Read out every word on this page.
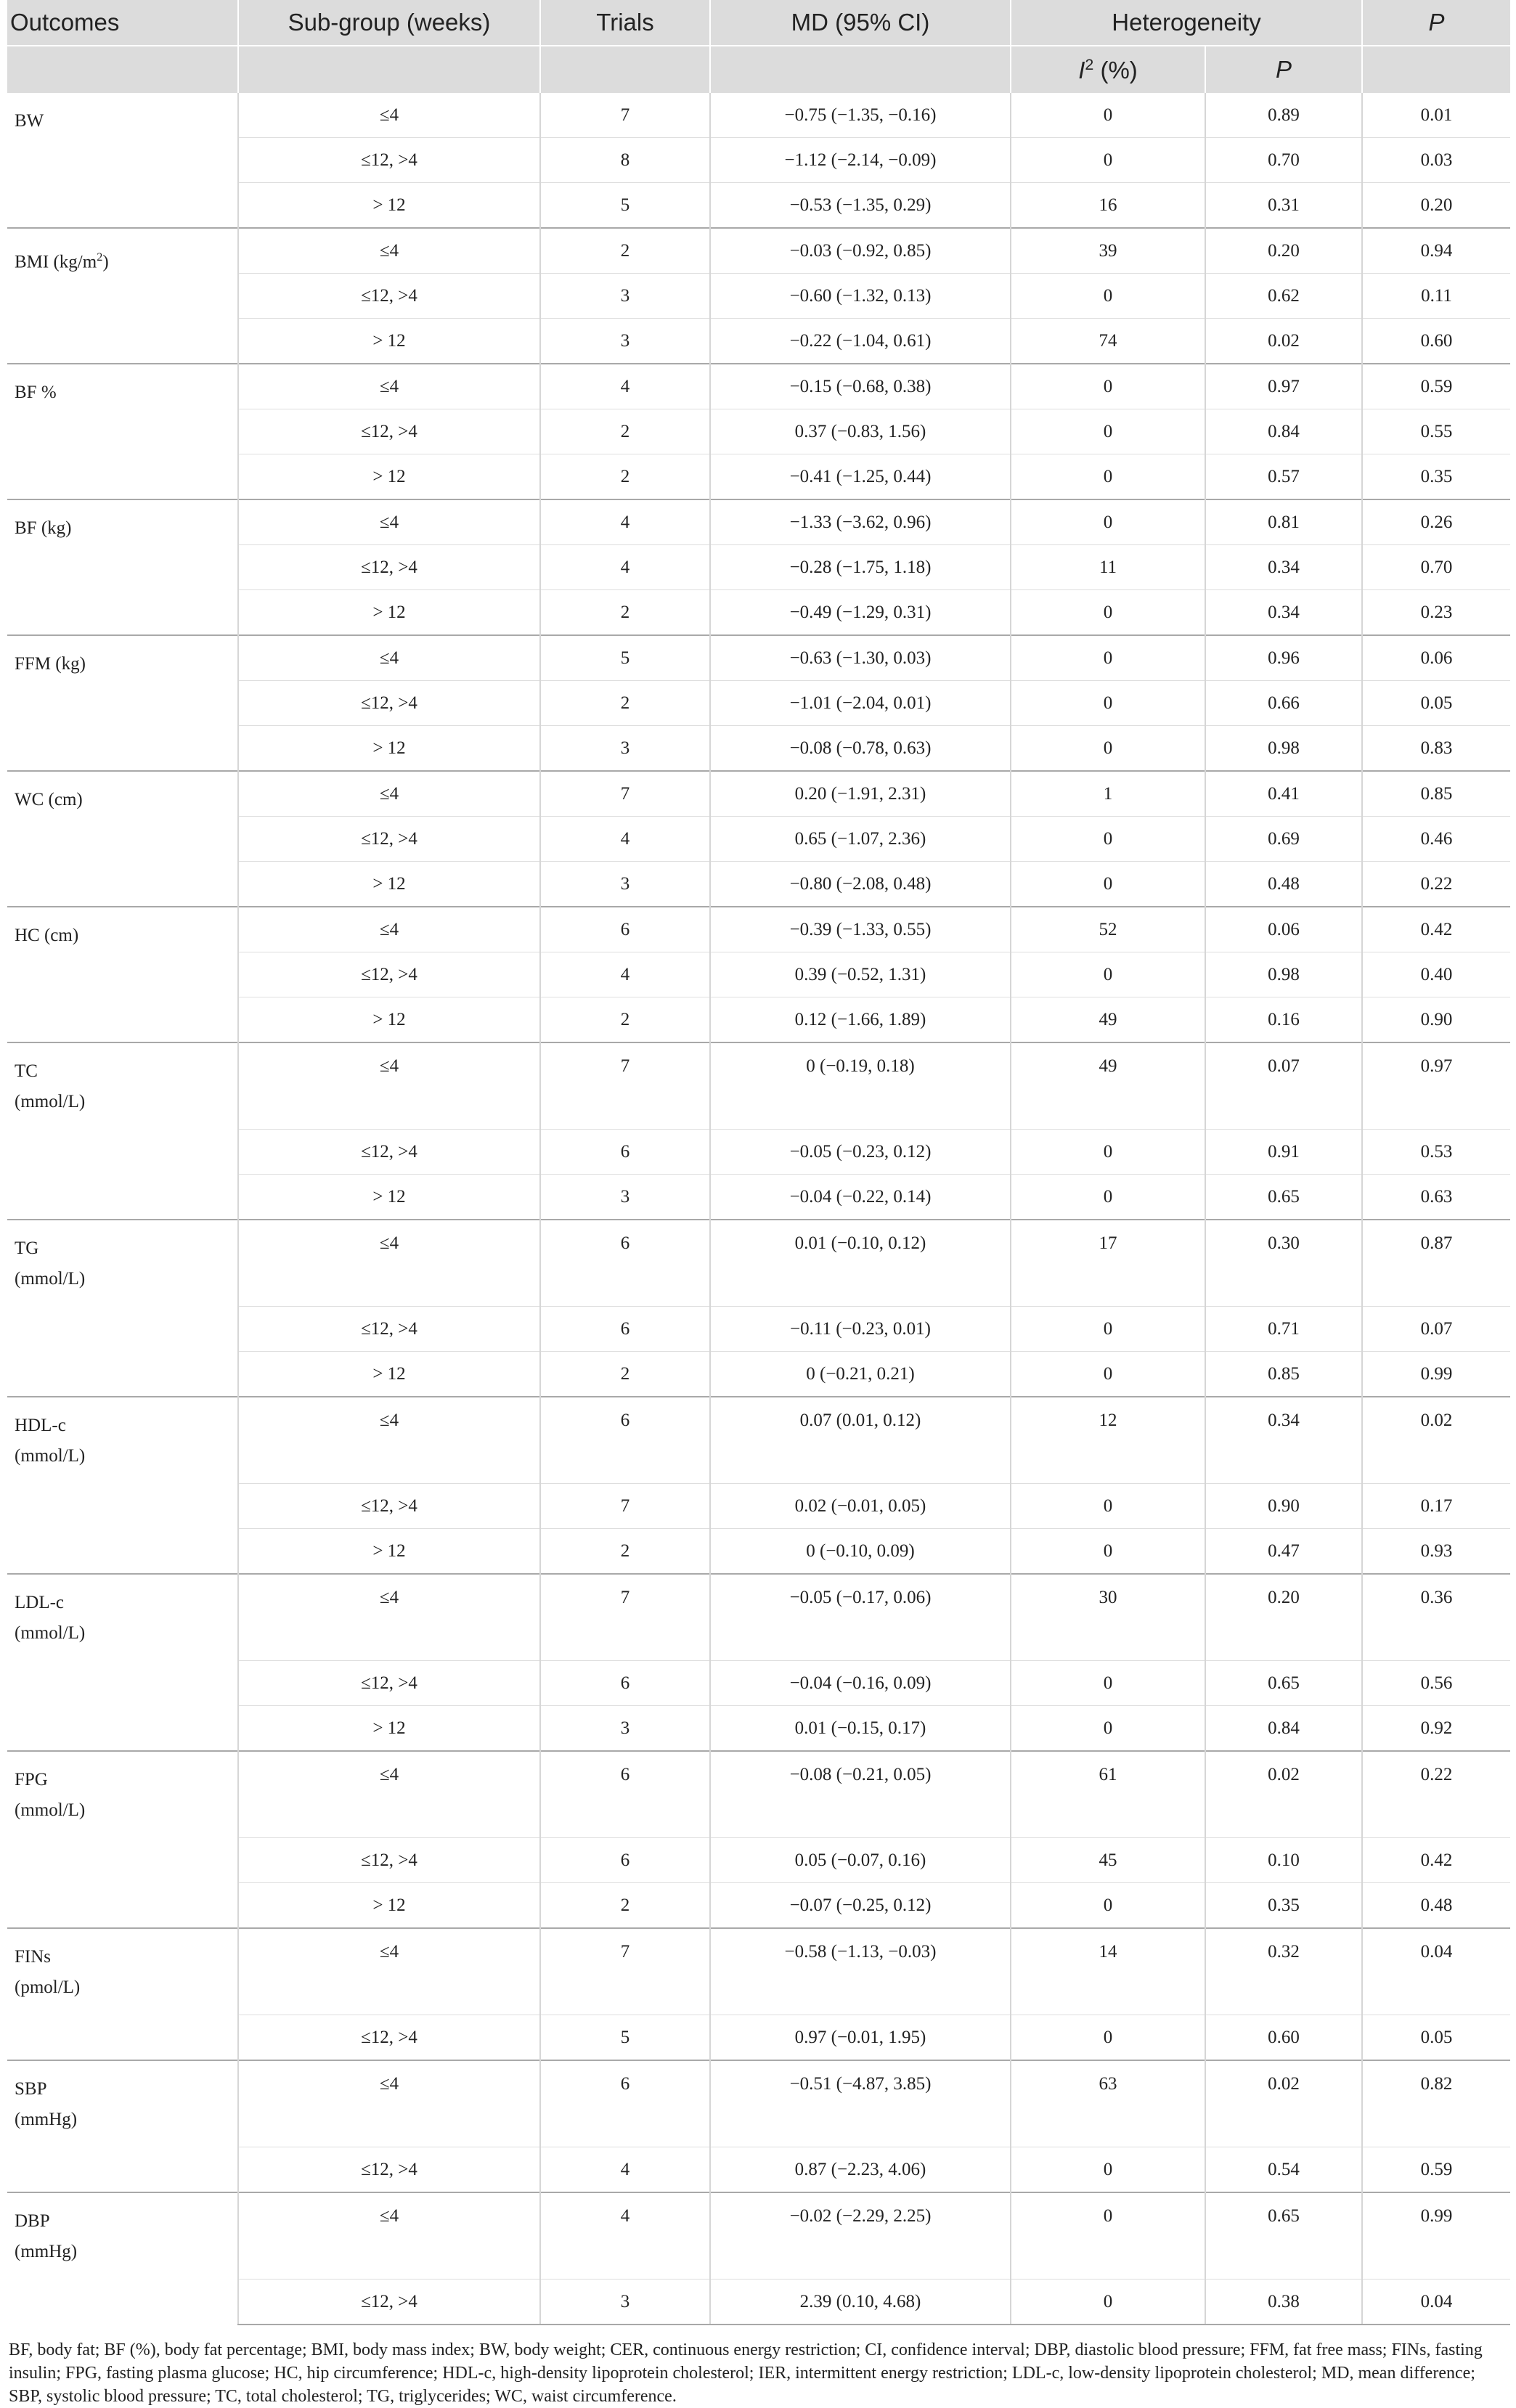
Outcomes	Sub-group (weeks)	Trials	MD (95% CI)	Heterogeneity		P
				$I^2$ (%)	P	
BW	≤4	7	−0.75 (−1.35, −0.16)	0	0.89	0.01
	≤12, >4	8	−1.12 (−2.14, −0.09)	0	0.70	0.03
	> 12	5	−0.53 (−1.35, 0.29)	16	0.31	0.20
BMI $(kg/m^2)$	≤4	2	−0.03 (−0.92, 0.85)	39	0.20	0.94
	≤12, >4	3	−0.60 (−1.32, 0.13)	0	0.62	0.11
	> 12	3	−0.22 (−1.04, 0.61)	74	0.02	0.60
BF %	≤4	4	−0.15 (−0.68, 0.38)	0	0.97	0.59
	≤12, >4	2	0.37 (−0.83, 1.56)	0	0.84	0.55
	> 12	2	−0.41 (−1.25, 0.44)	0	0.57	0.35
BF (kg)	≤4	4	−1.33 (−3.62, 0.96)	0	0.81	0.26
	≤12, >4	4	−0.28 (−1.75, 1.18)	11	0.34	0.70
	> 12	2	−0.49 (−1.29, 0.31)	0	0.34	0.23
FFM (kg)	≤4	5	−0.63 (−1.30, 0.03)	0	0.96	0.06
	≤12, >4	2	−1.01 (−2.04, 0.01)	0	0.66	0.05
	> 12	3	−0.08 (−0.78, 0.63)	0	0.98	0.83
WC (cm)	≤4	7	0.20 (−1.91, 2.31)	1	0.41	0.85
	≤12, >4	4	0.65 (−1.07, 2.36)	0	0.69	0.46
	> 12	3	−0.80 (−2.08, 0.48)	0	0.48	0.22
HC (cm)	≤4	6	−0.39 (−1.33, 0.55)	52	0.06	0.42
	≤12, >4	4	0.39 (−0.52, 1.31)	0	0.98	0.40
	> 12	2	0.12 (−1.66, 1.89)	49	0.16	0.90
TC
(mmol/L)	≤4	7	0 (−0.19, 0.18)	49	0.07	0.97
	≤12, >4	6	−0.05 (−0.23, 0.12)	0	0.91	0.53
	> 12	3	−0.04 (−0.22, 0.14)	0	0.65	0.63
TG
(mmol/L)	≤4	6	0.01 (−0.10, 0.12)	17	0.30	0.87
	≤12, >4	6	−0.11 (−0.23, 0.01)	0	0.71	0.07
	> 12	2	0 (−0.21, 0.21)	0	0.85	0.99
HDL-c
(mmol/L)	≤4	6	0.07 (0.01, 0.12)	12	0.34	0.02
	≤12, >4	7	0.02 (−0.01, 0.05)	0	0.90	0.17
	> 12	2	0 (−0.10, 0.09)	0	0.47	0.93
LDL-c
(mmol/L)	≤4	7	−0.05 (−0.17, 0.06)	30	0.20	0.36
	≤12, >4	6	−0.04 (−0.16, 0.09)	0	0.65	0.56
	> 12	3	0.01 (−0.15, 0.17)	0	0.84	0.92
FPG
(mmol/L)	≤4	6	−0.08 (−0.21, 0.05)	61	0.02	0.22
	≤12, >4	6	0.05 (−0.07, 0.16)	45	0.10	0.42
	> 12	2	−0.07 (−0.25, 0.12)	0	0.35	0.48
FINs
(pmol/L)	≤4	7	−0.58 (−1.13, −0.03)	14	0.32	0.04
	≤12, >4	5	0.97 (−0.01, 1.95)	0	0.60	0.05
SBP
(mmHg)	≤4	6	−0.51 (−4.87, 3.85)	63	0.02	0.82
	≤12, >4	4	0.87 (−2.23, 4.06)	0	0.54	0.59
DBP
(mmHg)	≤4	4	−0.02 (−2.29, 2.25)	0	0.65	0.99
	≤12, >4	3	2.39 (0.10, 4.68)	0	0.38	0.04
BF, body fat; BF (%), body fat percentage; BMI, body mass index; BW, body weight; CER, continuous energy restriction; CI, confidence interval; DBP, diastolic blood pressure; FFM, fat free mass; FINs, fasting insulin; FPG, fasting plasma glucose; HC, hip circumference; HDL-c, high-density lipoprotein cholesterol; IER, intermittent energy restriction; LDL-c, low-density lipoprotein cholesterol; MD, mean difference; SBP, systolic blood pressure; TC, total cholesterol; TG, triglycerides; WC, waist circumference.
